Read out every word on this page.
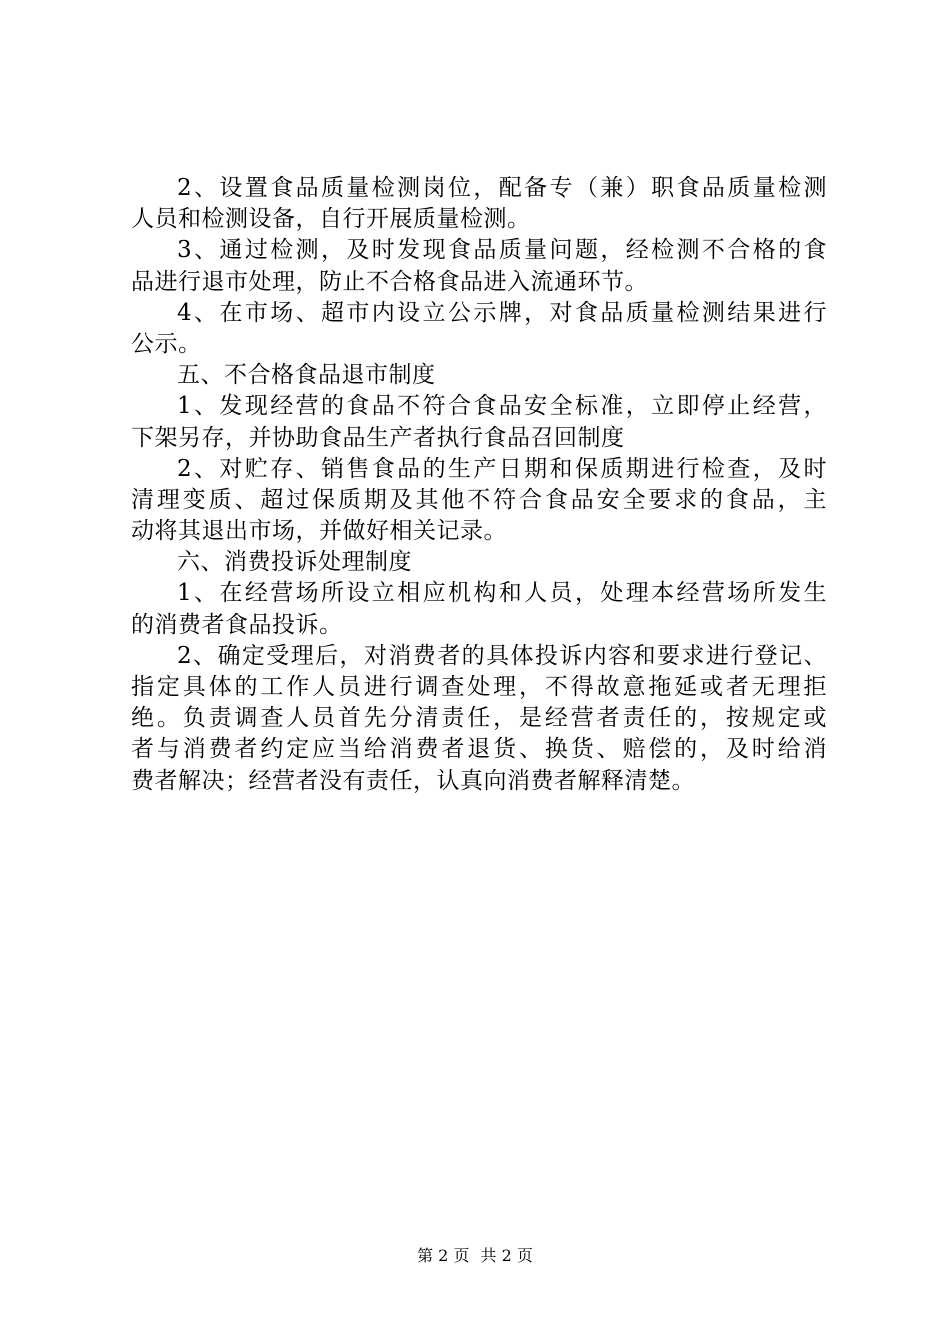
2、设置食品质量检测岗位，配备专（兼）职食品质量检测
人员和检测设备，自行开展质量检测。
3、通过检测，及时发现食品质量问题，经检测不合格的食
品进行退市处理，防止不合格食品进入流通环节。
4、在市场、超市内设立公示牌，对食品质量检测结果进行
公示。
五、不合格食品退市制度
1、发现经营的食品不符合食品安全标准，立即停止经营，
下架另存，并协助食品生产者执行食品召回制度
2、对贮存、销售食品的生产日期和保质期进行检查，及时
清理变质、超过保质期及其他不符合食品安全要求的食品，主
动将其退出市场，并做好相关记录。
六、消费投诉处理制度
1、在经营场所设立相应机构和人员，处理本经营场所发生
的消费者食品投诉。
2、确定受理后，对消费者的具体投诉内容和要求进行登记、
指定具体的工作人员进行调查处理，不得故意拖延或者无理拒
绝。负责调查人员首先分清责任，是经营者责任的，按规定或
者与消费者约定应当给消费者退货、换货、赔偿的，及时给消
费者解决；经营者没有责任，认真向消费者解释清楚。
第 2 页 共 2 页
